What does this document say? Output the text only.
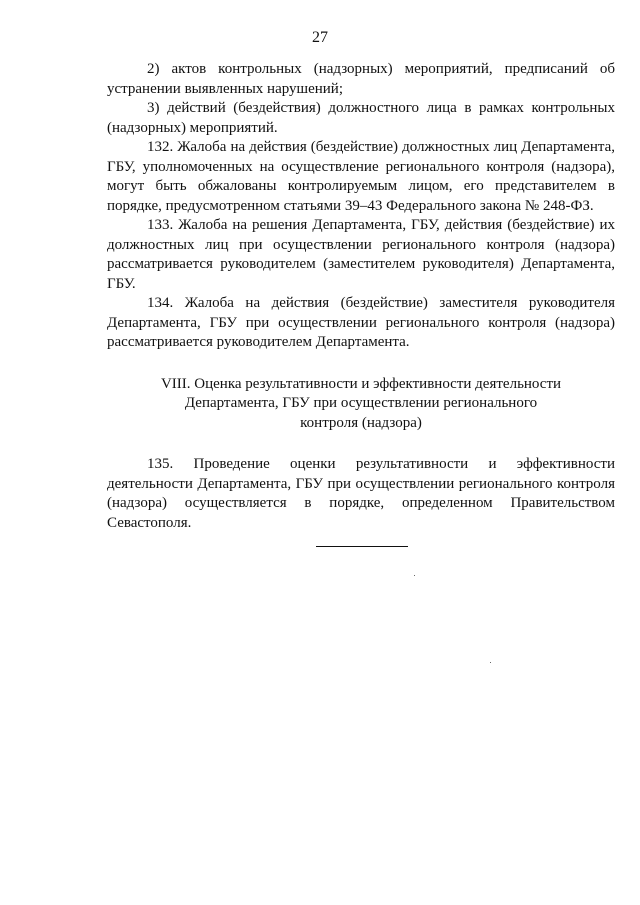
27

2) актов контрольных (надзорных) мероприятий, предписаний об устранении выявленных нарушений;

3) действий (бездействия) должностного лица в рамках контрольных (надзорных) мероприятий.

132. Жалоба на действия (бездействие) должностных лиц Департамента, ГБУ, уполномоченных на осуществление регионального контроля (надзора), могут быть обжалованы контролируемым лицом, его представителем в порядке, предусмотренном статьями 39–43 Федерального закона № 248-ФЗ.

133. Жалоба на решения Департамента, ГБУ, действия (бездействие) их должностных лиц при осуществлении регионального контроля (надзора) рассматривается руководителем (заместителем руководителя) Департамента, ГБУ.

134. Жалоба на действия (бездействие) заместителя руководителя Департамента, ГБУ при осуществлении регионального контроля (надзора) рассматривается руководителем Департамента.

VIII. Оценка результативности и эффективности деятельности
Департамента, ГБУ при осуществлении регионального
контроля (надзора)

135. Проведение оценки результативности и эффективности деятельности Департамента, ГБУ при осуществлении регионального контроля (надзора) осуществляется в порядке, определенном Правительством Севастополя.
